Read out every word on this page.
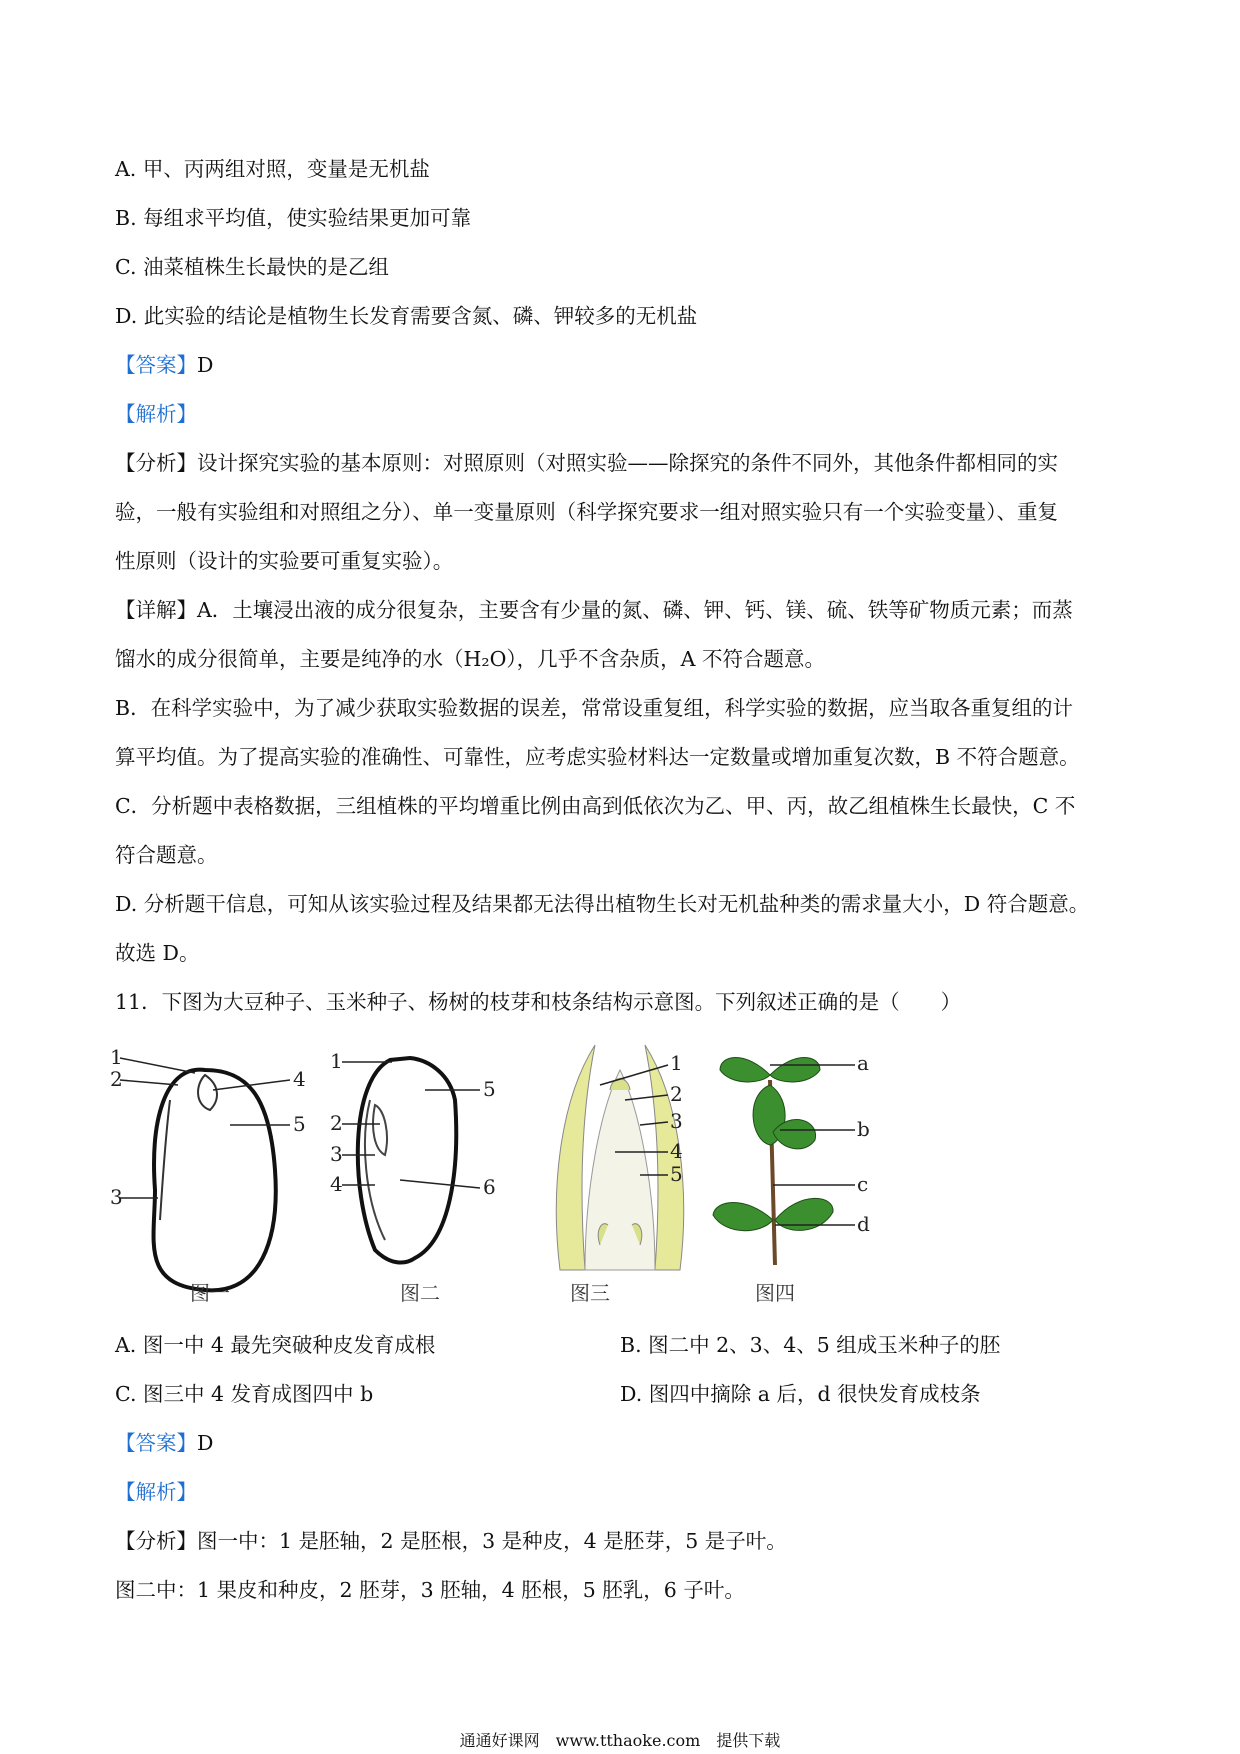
A. 甲、丙两组对照，变量是无机盐
B. 每组求平均值，使实验结果更加可靠
C. 油菜植株生长最快的是乙组
D. 此实验的结论是植物生长发育需要含氮、磷、钾较多的无机盐
【答案】D
【解析】
【分析】设计探究实验的基本原则：对照原则（对照实验——除探究的条件不同外，其他条件都相同的实
验，一般有实验组和对照组之分）、单一变量原则（科学探究要求一组对照实验只有一个实验变量）、重复
性原则（设计的实验要可重复实验）。
【详解】A．土壤浸出液的成分很复杂，主要含有少量的氮、磷、钾、钙、镁、硫、铁等矿物质元素；而蒸
馏水的成分很简单，主要是纯净的水（H₂O），几乎不含杂质，A 不符合题意。
B．在科学实验中，为了减少获取实验数据的误差，常常设重复组，科学实验的数据，应当取各重复组的计
算平均值。为了提高实验的准确性、可靠性，应考虑实验材料达一定数量或增加重复次数，B 不符合题意。
C．分析题中表格数据，三组植株的平均增重比例由高到低依次为乙、甲、丙，故乙组植株生长最快，C 不
符合题意。
D. 分析题干信息，可知从该实验过程及结果都无法得出植物生长对无机盐种类的需求量大小，D 符合题意。
故选 D。
11．下图为大豆种子、玉米种子、杨树的枝芽和枝条结构示意图。下列叙述正确的是（　　）
1
2
3
4
5
图一
1
2
3
4
5
6
图二
1
2
3
4
5
图三
a
b
c
d
图四
A. 图一中 4 最先突破种皮发育成根	B. 图二中 2、3、4、5 组成玉米种子的胚
C. 图三中 4 发育成图四中 b	D. 图四中摘除 a 后，d 很快发育成枝条
【答案】D
【解析】
【分析】图一中：1 是胚轴，2 是胚根，3 是种皮，4 是胚芽，5 是子叶。
图二中：1 果皮和种皮，2 胚芽，3 胚轴，4 胚根，5 胚乳，6 子叶。
通通好课网　www.tthaoke.com　提供下载
